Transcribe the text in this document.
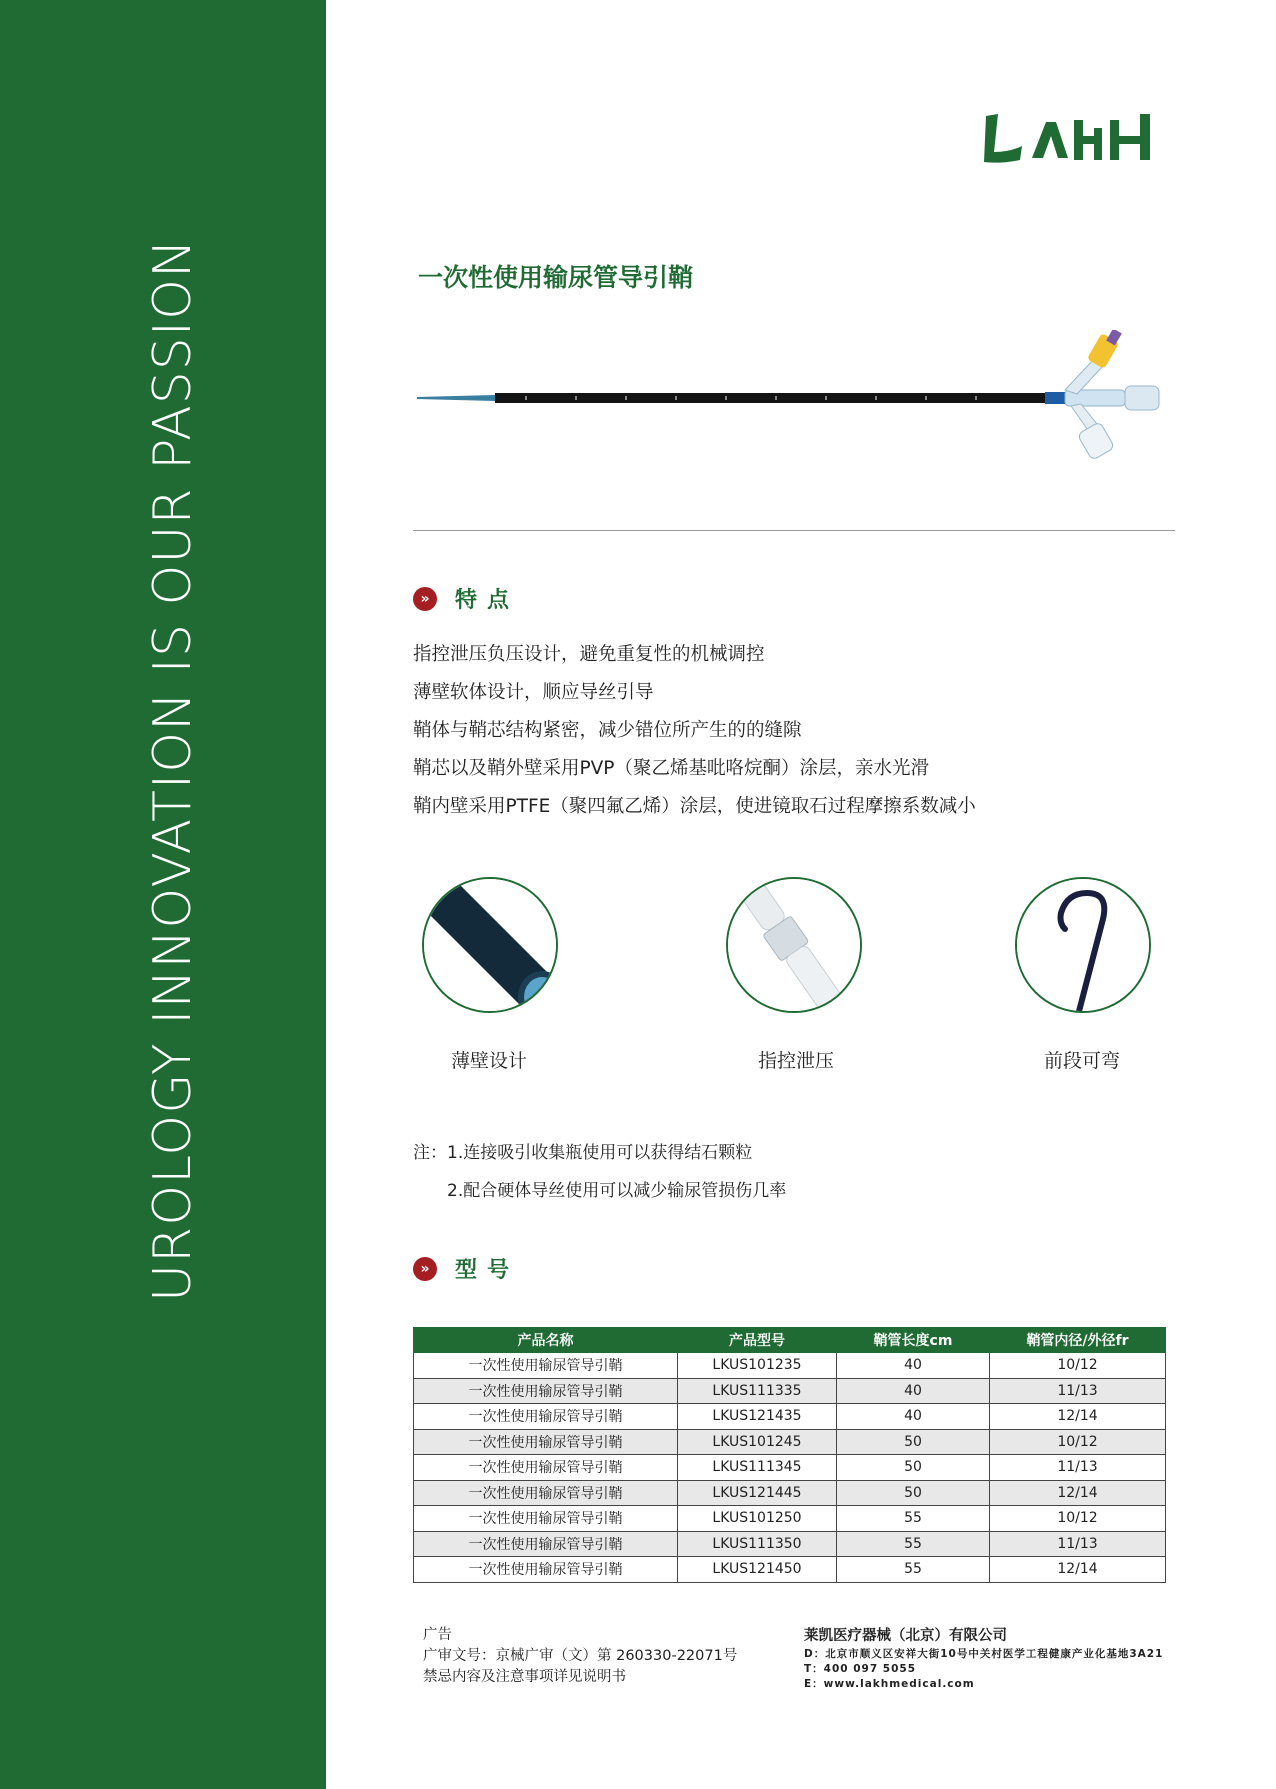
UROLOGY INNOVATION IS OUR PASSION	一次性使用输尿管导引鞘
»	特点
指控泄压负压设计，避免重复性的机械调控
薄壁软体设计，顺应导丝引导
鞘体与鞘芯结构紧密，减少错位所产生的的缝隙
鞘芯以及鞘外壁采用PVP（聚乙烯基吡咯烷酮）涂层，亲水光滑
鞘内壁采用PTFE（聚四氟乙烯）涂层，使进镜取石过程摩擦系数减小
薄壁设计	指控泄压	前段可弯
注：1.连接吸引收集瓶使用可以获得结石颗粒
2.配合硬体导丝使用可以减少输尿管损伤几率
»	型号
产品名称	产品型号	鞘管长度cm	鞘管内径/外径fr
一次性使用输尿管导引鞘	LKUS101235	40	10/12
一次性使用输尿管导引鞘	LKUS111335	40	11/13
一次性使用输尿管导引鞘	LKUS121435	40	12/14
一次性使用输尿管导引鞘	LKUS101245	50	10/12
一次性使用输尿管导引鞘	LKUS111345	50	11/13
一次性使用输尿管导引鞘	LKUS121445	50	12/14
一次性使用输尿管导引鞘	LKUS101250	55	10/12
一次性使用输尿管导引鞘	LKUS111350	55	11/13
一次性使用输尿管导引鞘	LKUS121450	55	12/14
广告
广审文号：京械广审（文）第 260330-22071号
禁忌内容及注意事项详见说明书
莱凯医疗器械（北京）有限公司
D：北京市顺义区安祥大街10号中关村医学工程健康产业化基地3A21
T：400 097 5055
E：www.lakhmedical.com
